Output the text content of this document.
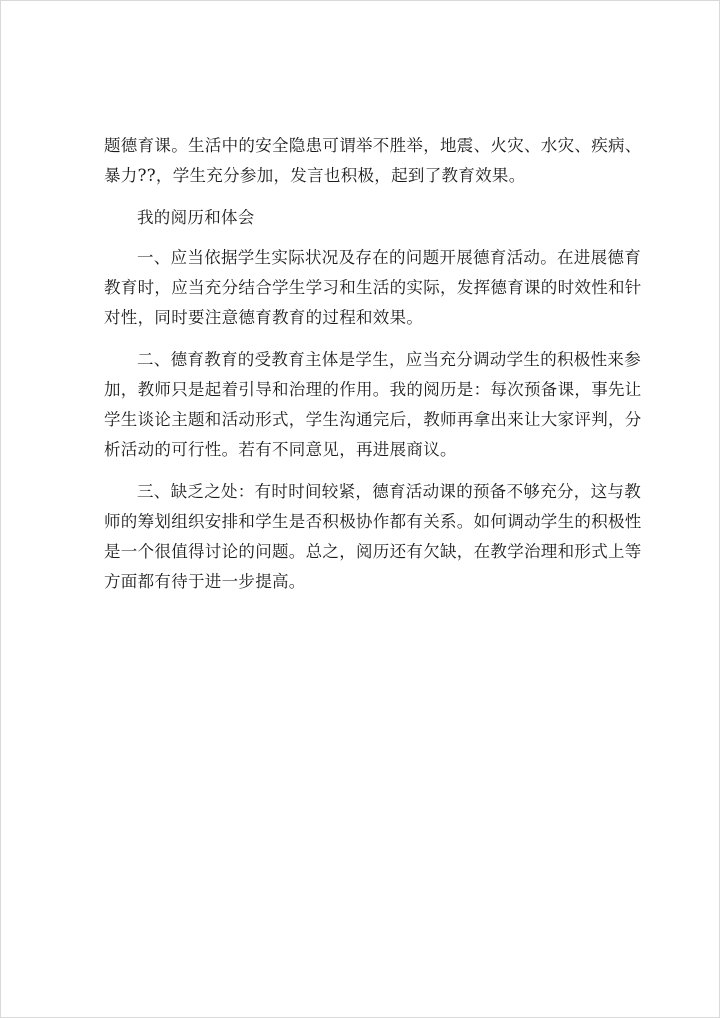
题德育课。生活中的安全隐患可谓举不胜举，地震、火灾、水灾、疾病、

暴力??，学生充分参加，发言也积极，起到了教育效果。

我的阅历和体会

一、应当依据学生实际状况及存在的问题开展德育活动。在进展德育

教育时，应当充分结合学生学习和生活的实际，发挥德育课的时效性和针

对性，同时要注意德育教育的过程和效果。

二、德育教育的受教育主体是学生，应当充分调动学生的积极性来参

加，教师只是起着引导和治理的作用。我的阅历是：每次预备课，事先让

学生谈论主题和活动形式，学生沟通完后，教师再拿出来让大家评判，分

析活动的可行性。若有不同意见，再进展商议。

三、缺乏之处：有时时间较紧，德育活动课的预备不够充分，这与教

师的筹划组织安排和学生是否积极协作都有关系。如何调动学生的积极性

是一个很值得讨论的问题。总之，阅历还有欠缺，在教学治理和形式上等

方面都有待于进一步提高。
